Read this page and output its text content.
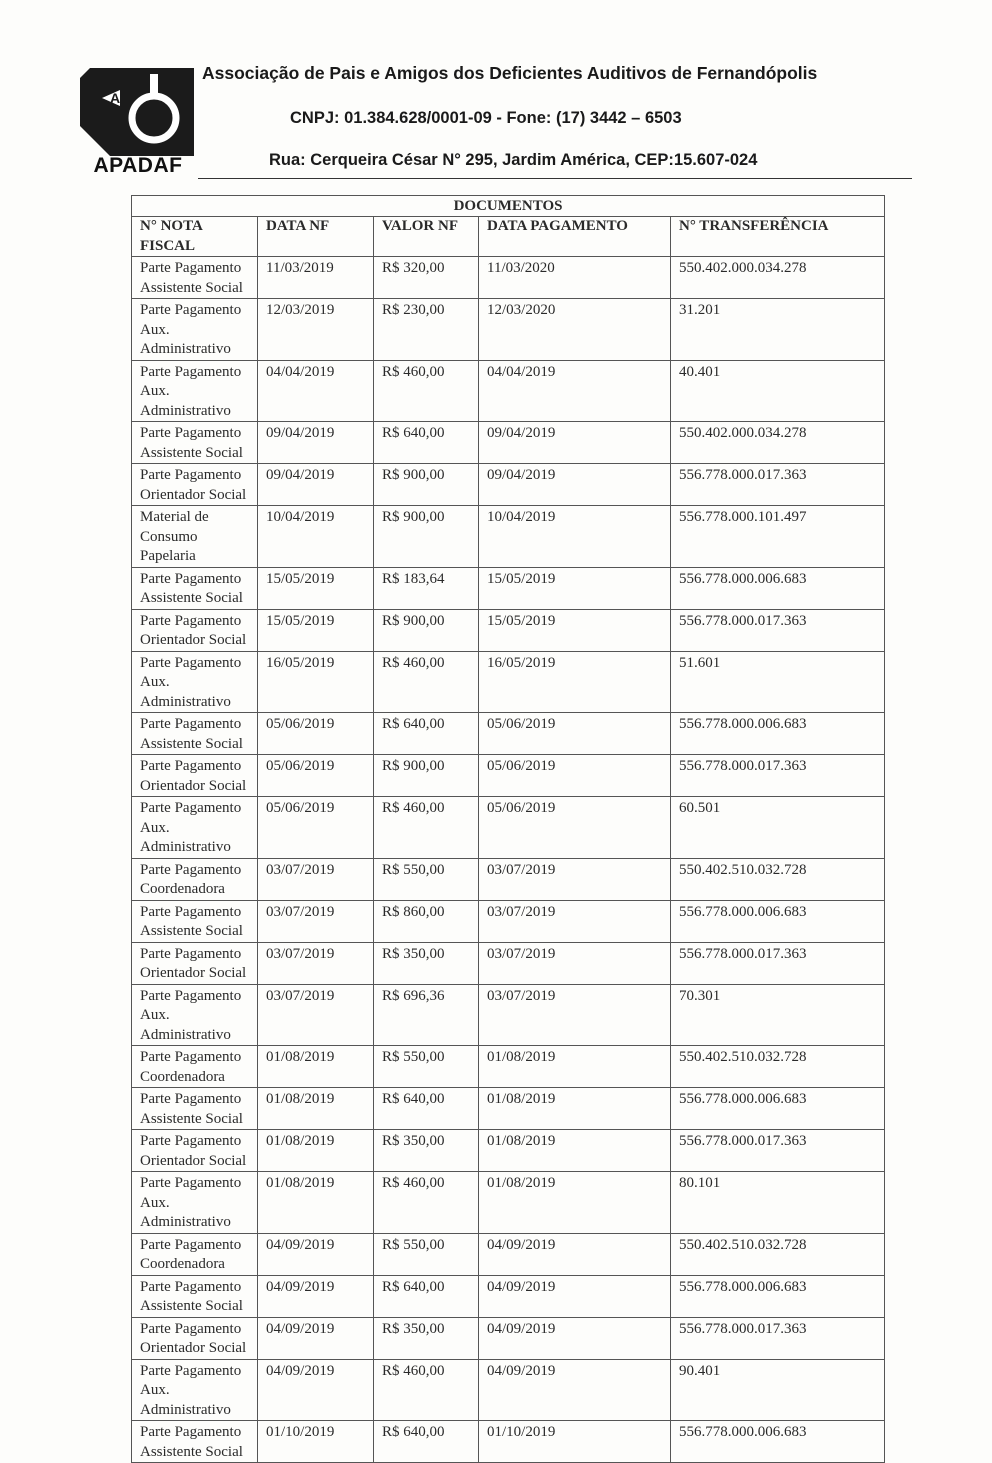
A
APADAF
Associação de Pais e Amigos dos Deficientes Auditivos de Fernandópolis
CNPJ: 01.384.628/0001-09 - Fone: (17) 3442 – 6503
Rua: Cerqueira César N° 295, Jardim América, CEP:15.607-024
DOCUMENTOS				
N° NOTA FISCAL	DATA NF	VALOR NF	DATA PAGAMENTO	N° TRANSFERÊNCIA
Parte Pagamento Assistente Social	11/03/2019	R$ 320,00	11/03/2020	550.402.000.034.278
Parte Pagamento Aux. Administrativo	12/03/2019	R$ 230,00	12/03/2020	31.201
Parte Pagamento Aux. Administrativo	04/04/2019	R$ 460,00	04/04/2019	40.401
Parte Pagamento Assistente Social	09/04/2019	R$ 640,00	09/04/2019	550.402.000.034.278
Parte Pagamento Orientador Social	09/04/2019	R$ 900,00	09/04/2019	556.778.000.017.363
Material de Consumo Papelaria	10/04/2019	R$ 900,00	10/04/2019	556.778.000.101.497
Parte Pagamento Assistente Social	15/05/2019	R$ 183,64	15/05/2019	556.778.000.006.683
Parte Pagamento Orientador Social	15/05/2019	R$ 900,00	15/05/2019	556.778.000.017.363
Parte Pagamento Aux. Administrativo	16/05/2019	R$ 460,00	16/05/2019	51.601
Parte Pagamento Assistente Social	05/06/2019	R$ 640,00	05/06/2019	556.778.000.006.683
Parte Pagamento Orientador Social	05/06/2019	R$ 900,00	05/06/2019	556.778.000.017.363
Parte Pagamento Aux. Administrativo	05/06/2019	R$ 460,00	05/06/2019	60.501
Parte Pagamento Coordenadora	03/07/2019	R$ 550,00	03/07/2019	550.402.510.032.728
Parte Pagamento Assistente Social	03/07/2019	R$ 860,00	03/07/2019	556.778.000.006.683
Parte Pagamento Orientador Social	03/07/2019	R$ 350,00	03/07/2019	556.778.000.017.363
Parte Pagamento Aux. Administrativo	03/07/2019	R$ 696,36	03/07/2019	70.301
Parte Pagamento Coordenadora	01/08/2019	R$ 550,00	01/08/2019	550.402.510.032.728
Parte Pagamento Assistente Social	01/08/2019	R$ 640,00	01/08/2019	556.778.000.006.683
Parte Pagamento Orientador Social	01/08/2019	R$ 350,00	01/08/2019	556.778.000.017.363
Parte Pagamento Aux. Administrativo	01/08/2019	R$ 460,00	01/08/2019	80.101
Parte Pagamento Coordenadora	04/09/2019	R$ 550,00	04/09/2019	550.402.510.032.728
Parte Pagamento Assistente Social	04/09/2019	R$ 640,00	04/09/2019	556.778.000.006.683
Parte Pagamento Orientador Social	04/09/2019	R$ 350,00	04/09/2019	556.778.000.017.363
Parte Pagamento Aux. Administrativo	04/09/2019	R$ 460,00	04/09/2019	90.401
Parte Pagamento Assistente Social	01/10/2019	R$ 640,00	01/10/2019	556.778.000.006.683
